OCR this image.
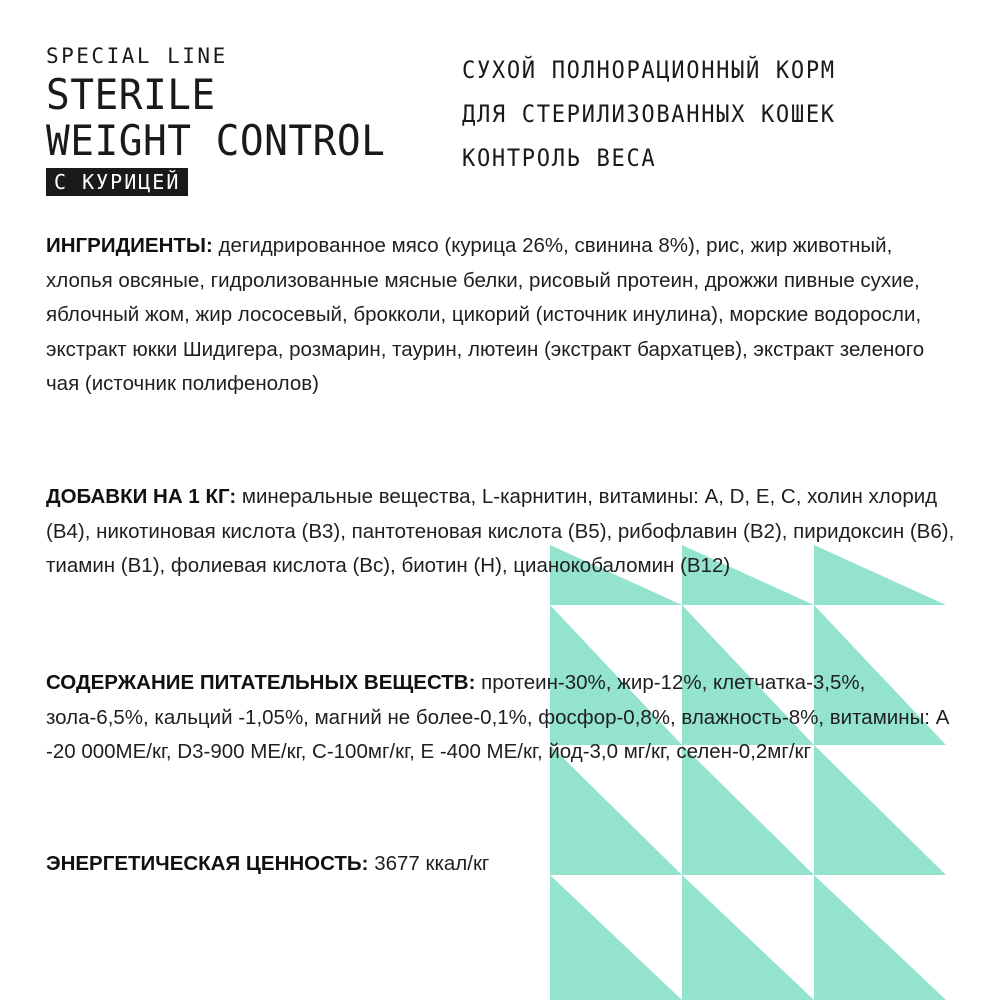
SPECIAL LINE
STERILE
WEIGHT CONTROL
С КУРИЦЕЙ
СУХОЙ ПОЛНОРАЦИОННЫЙ КОРМ
ДЛЯ СТЕРИЛИЗОВАННЫХ КОШЕК
КОНТРОЛЬ ВЕСА
ИНГРИДИЕНТЫ: дегидрированное мясо (курица 26%, свинина 8%), рис, жир животный, хлопья овсяные, гидролизованные мясные белки, рисовый протеин, дрожжи пивные сухие, яблочный жом, жир лососевый, брокколи, цикорий (источник инулина), морские водоросли, экстракт юкки Шидигера, розмарин, таурин, лютеин (экстракт бархатцев), экстракт зеленого чая (источник полифенолов)
ДОБАВКИ НА 1 КГ: минеральные вещества, L-карнитин, витамины: A, D, E, C, холин хлорид (В4), никотиновая кислота (В3), пантотеновая кислота (В5), рибофлавин (В2), пиридоксин (В6), тиамин (В1), фолиевая кислота (Вс), биотин (Н), цианокобаломин (В12)
СОДЕРЖАНИЕ ПИТАТЕЛЬНЫХ ВЕЩЕСТВ: протеин-30%, жир-12%, клетчатка-3,5%, зола-6,5%, кальций -1,05%, магний не более-0,1%, фосфор-0,8%, влажность-8%, витамины: А -20 000МЕ/кг, D3-900 МЕ/кг, С-100мг/кг, Е -400 МЕ/кг, йод-3,0 мг/кг, селен-0,2мг/кг
ЭНЕРГЕТИЧЕСКАЯ ЦЕННОСТЬ: 3677 ккал/кг
